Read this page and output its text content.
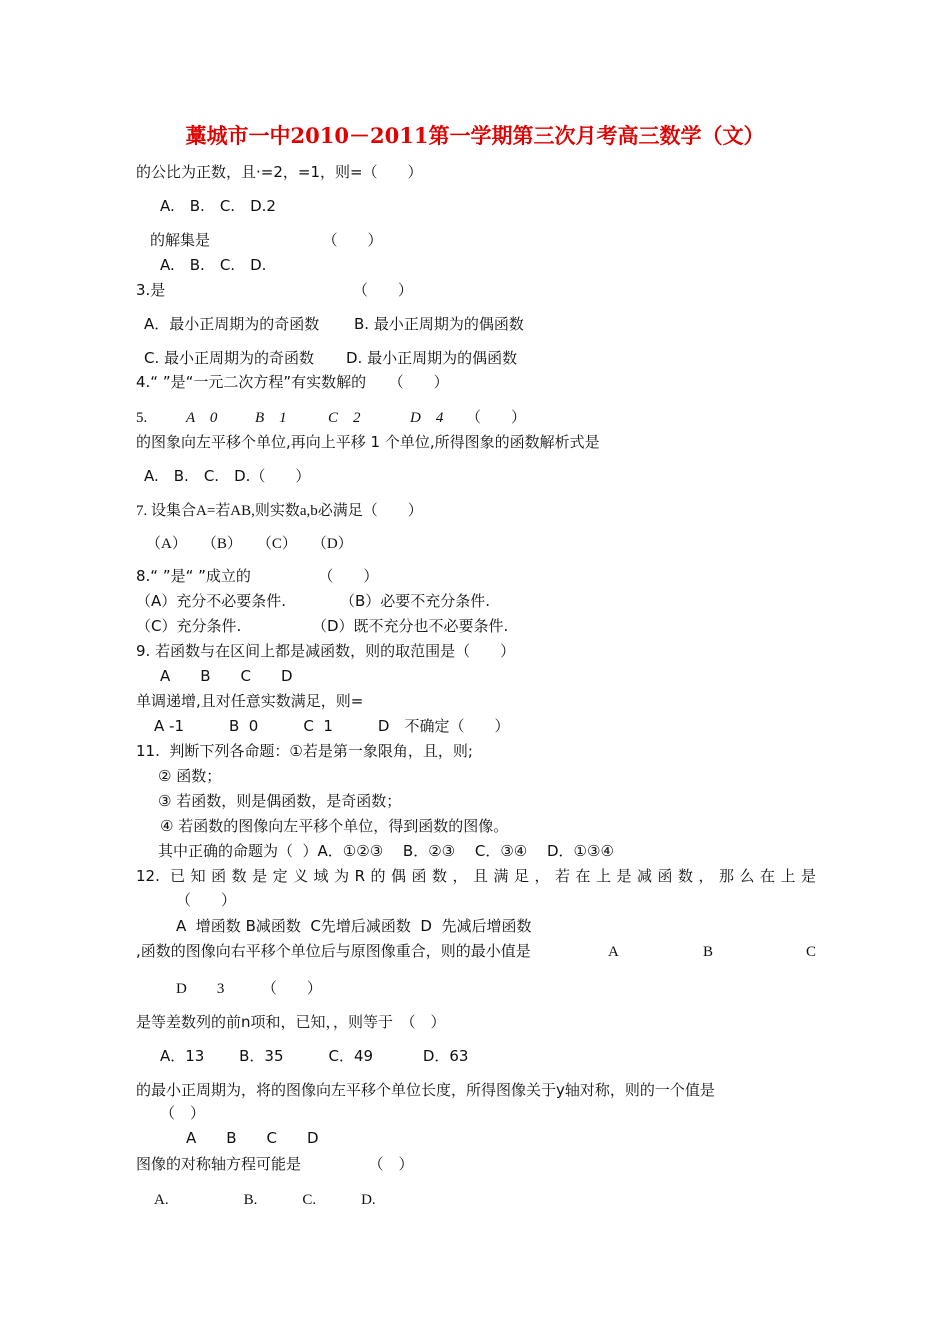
藁城市一中2010－2011第一学期第三次月考高三数学（文）
的公比为正数，且·=2，=1，则=（　　）
A.　B.　C.　D.2
的解集是　　　　　　　　（　　）
A.　B.　C.　D.
3.是　　　　　　　　　　　　　（　　）
A．最小正周期为的奇函数 B. 最小正周期为的偶函数
C. 最小正周期为的奇函数 D. 最小正周期为的偶函数
4.“ ”是“一元二次方程”有实数解的　　（　　）
5.	A　0	B　1	C　2	D　4 （　　）
的图象向左平移个单位,再向上平移 1 个单位,所得图象的函数解析式是
A.　B.　C.　D.（　　）
7. 设集合A=若AB,则实数a,b必满足（　　）
（A）　　（B）　　（C）　　（D）
8.“ ”是“ ”成立的　　　　　（　　）
（A）充分不必要条件.	（B）必要不充分条件.
（C）充分条件.	（D）既不充分也不必要条件.
9. 若函数与在区间上都是减函数，则的取范围是（　　）
A　　B　　C　　D
单调递增,且对任意实数满足，则=
A -1　　　B  0　　　C  1　　　D　不确定（　　）
11.  判断下列各命题：①若是第一象限角，且，则;
② 函数；
③ 若函数，则是偶函数，是奇函数；
④ 若函数的图像向左平移个单位，得到函数的图像。
其中正确的命题为（  ）A．①②③　 B．②③　 C．③④　 D．①③④
12. 已知函数是定义域为R的偶函数，且满足，若在上是减函数，那么在上是
（　　）
A  增函数 B减函数  C先增后减函数  D  先减后增函数
,函数的图像向右平移个单位后与原图像重合，则的最小值是	A	B	C
D　　3　　　（　　）
是等差数列的前n项和，已知，，则等于　（　）
A．13　　 B．35　　　C．49　　　 D．63
的最小正周期为，将的图像向左平移个单位长度，所得图像关于y轴对称，则的一个值是
（　）
A　　B　　C　　D
图像的对称轴方程可能是　　　　　（　）
A.　　　　　B.　　　C.　　　D.
